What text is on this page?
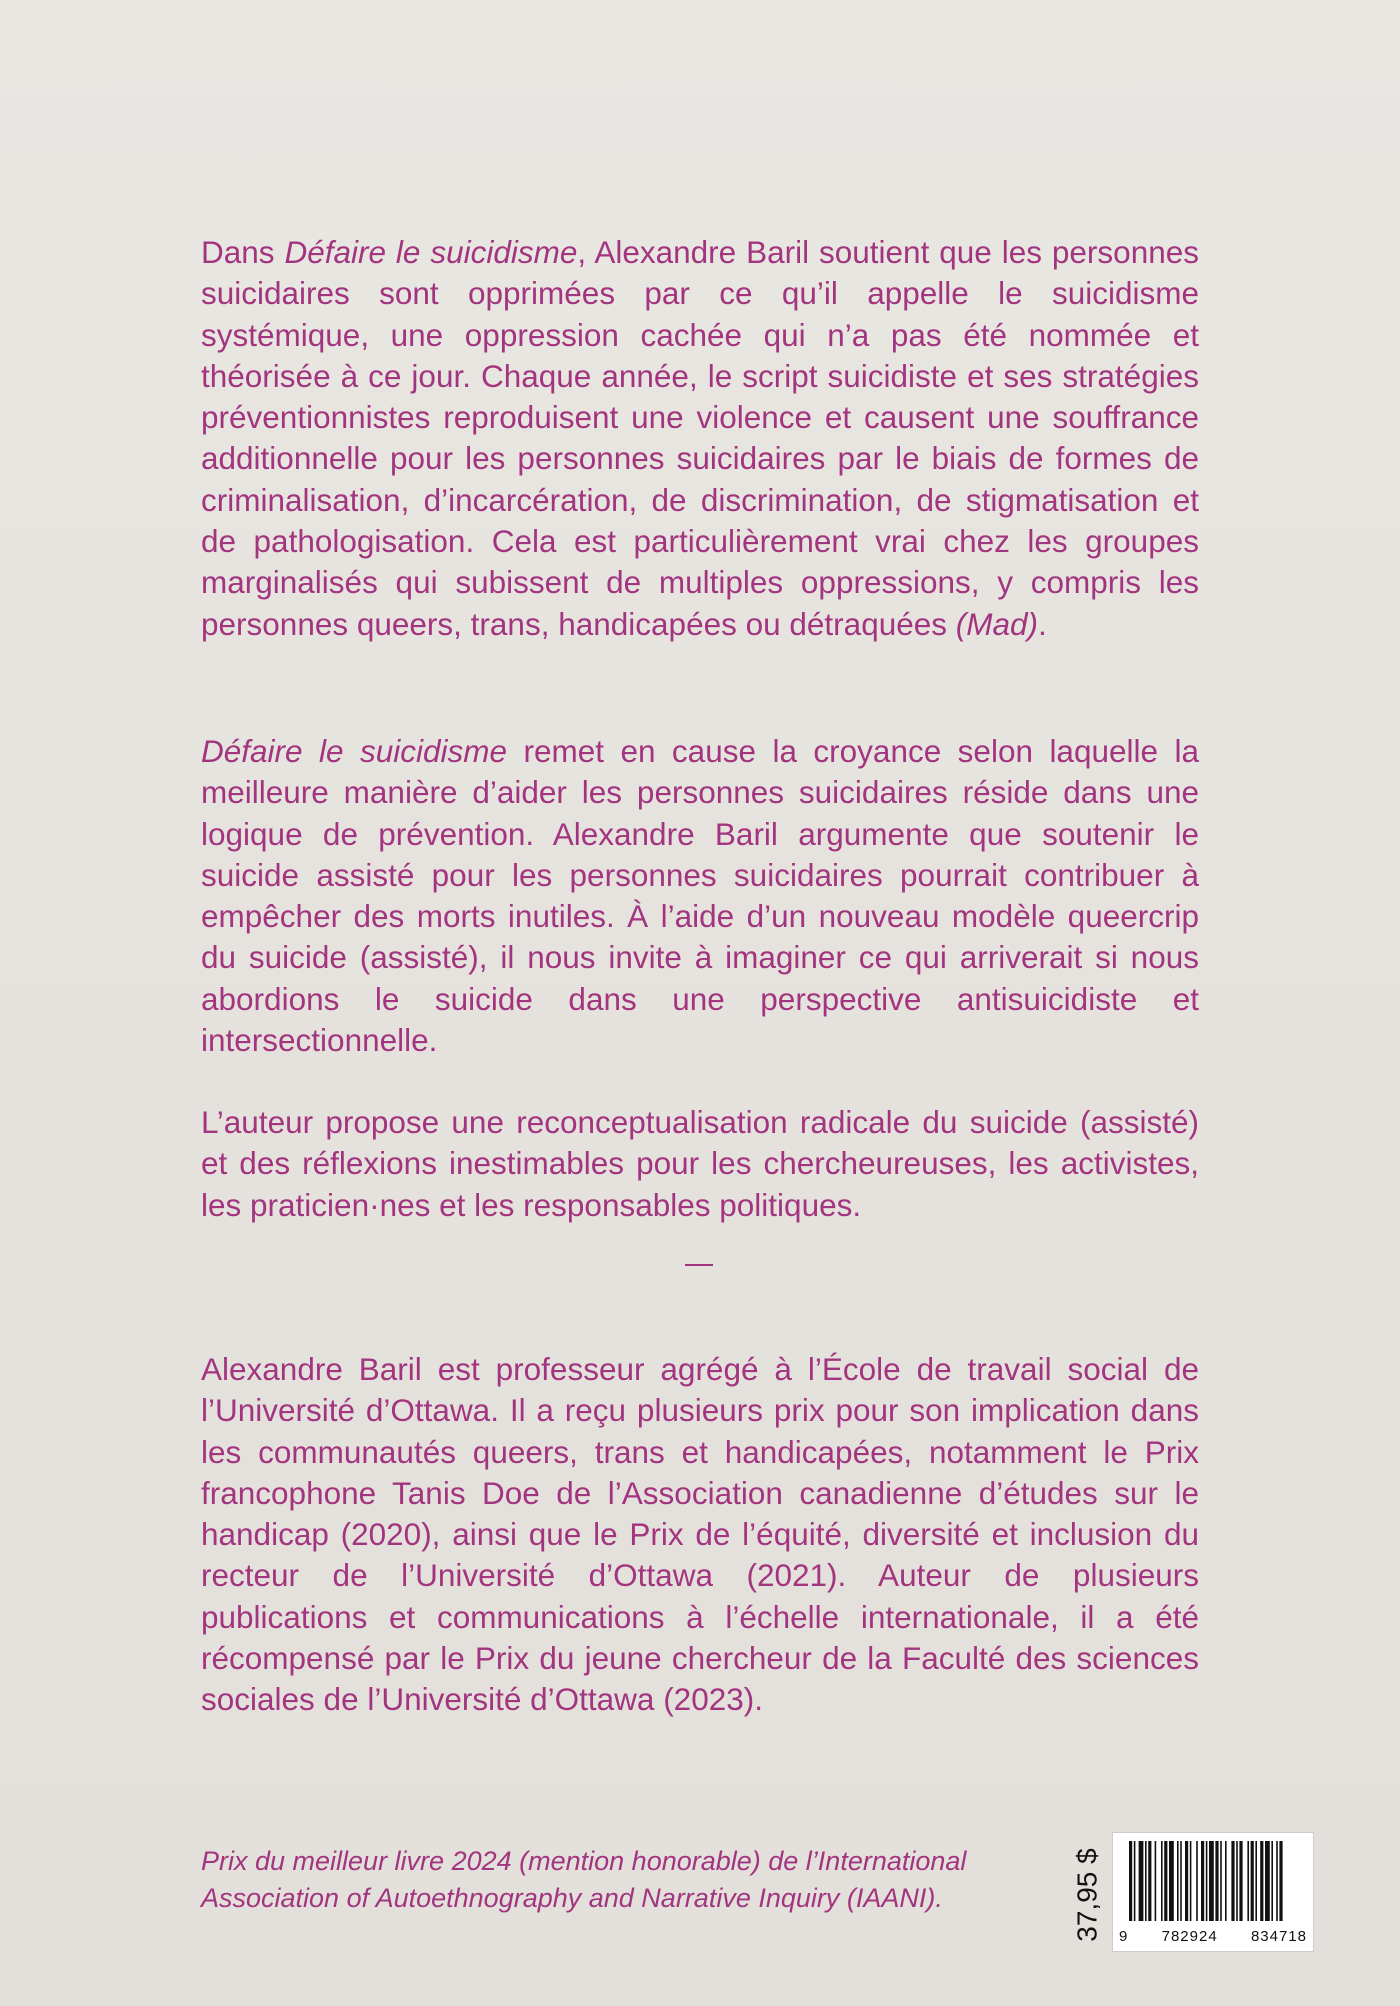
Dans Défaire le suicidisme, Alexandre Baril soutient que les personnes suicidaires sont opprimées par ce qu’il appelle le suicidisme systémique, une oppression cachée qui n’a pas été nommée et théorisée à ce jour. Chaque année, le script suicidiste et ses stratégies préventionnistes reproduisent une violence et causent une souffrance additionnelle pour les personnes suicidaires par le biais de formes de criminalisation, d’incarcération, de discrimination, de stigmatisation et de pathologisation. Cela est particulièrement vrai chez les groupes marginalisés qui subissent de multiples oppressions, y compris les personnes queers, trans, handicapées ou détraquées (Mad).

Défaire le suicidisme remet en cause la croyance selon laquelle la meilleure manière d’aider les personnes suicidaires réside dans une logique de prévention. Alexandre Baril argumente que soutenir le suicide assisté pour les personnes suicidaires pourrait contribuer à empêcher des morts inutiles. À l’aide d’un nouveau modèle queercrip du suicide (assisté), il nous invite à imaginer ce qui arriverait si nous abordions le suicide dans une perspective antisuicidiste et intersectionnelle.

L’auteur propose une reconceptualisation radicale du suicide (assisté) et des réflexions inestimables pour les chercheureuses, les activistes, les praticien·nes et les responsables politiques.

Alexandre Baril est professeur agrégé à l’École de travail social de l’Université d’Ottawa. Il a reçu plusieurs prix pour son implication dans les communautés queers, trans et handicapées, notamment le Prix francophone Tanis Doe de l’Association canadienne d’études sur le handicap (2020), ainsi que le Prix de l’équité, diversité et inclusion du recteur de l’Université d’Ottawa (2021). Auteur de plusieurs publications et communications à l’échelle internationale, il a été récompensé par le Prix du jeune chercheur de la Faculté des sciences sociales de l’Université d’Ottawa (2023).

Prix du meilleur livre 2024 (mention honorable) de l’International Association of Autoethnography and Narrative Inquiry (IAANI).	37,95 $ 9 782924 834718
